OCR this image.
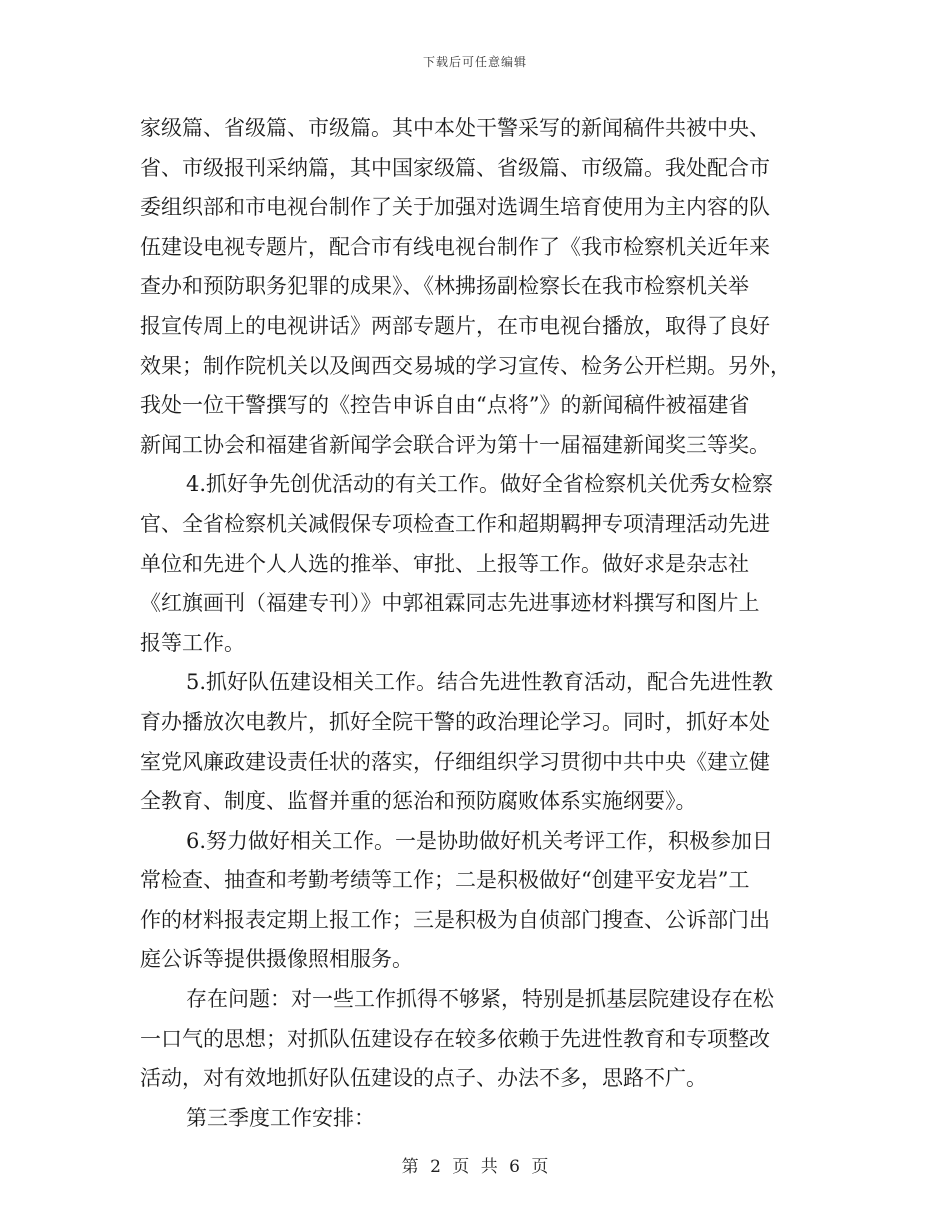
下载后可任意编辑
家级篇、省级篇、市级篇。其中本处干警采写的新闻稿件共被中央、
省、市级报刊采纳篇，其中国家级篇、省级篇、市级篇。我处配合市
委组织部和市电视台制作了关于加强对选调生培育使用为主内容的队
伍建设电视专题片，配合市有线电视台制作了《我市检察机关近年来
查办和预防职务犯罪的成果》、《林拂扬副检察长在我市检察机关举
报宣传周上的电视讲话》两部专题片，在市电视台播放，取得了良好
效果；制作院机关以及闽西交易城的学习宣传、检务公开栏期。另外，
我处一位干警撰写的《控告申诉自由“点将”》的新闻稿件被福建省
新闻工协会和福建省新闻学会联合评为第十一届福建新闻奖三等奖。
4.抓好争先创优活动的有关工作。做好全省检察机关优秀女检察
官、全省检察机关减假保专项检查工作和超期羁押专项清理活动先进
单位和先进个人人选的推举、审批、上报等工作。做好求是杂志社
《红旗画刊（福建专刊）》中郭祖霖同志先进事迹材料撰写和图片上
报等工作。
5.抓好队伍建设相关工作。结合先进性教育活动，配合先进性教
育办播放次电教片，抓好全院干警的政治理论学习。同时，抓好本处
室党风廉政建设责任状的落实，仔细组织学习贯彻中共中央《建立健
全教育、制度、监督并重的惩治和预防腐败体系实施纲要》。
6.努力做好相关工作。一是协助做好机关考评工作，积极参加日
常检查、抽查和考勤考绩等工作；二是积极做好“创建平安龙岩”工
作的材料报表定期上报工作；三是积极为自侦部门搜查、公诉部门出
庭公诉等提供摄像照相服务。
存在问题：对一些工作抓得不够紧，特别是抓基层院建设存在松
一口气的思想；对抓队伍建设存在较多依赖于先进性教育和专项整改
活动，对有效地抓好队伍建设的点子、办法不多，思路不广。
第三季度工作安排：
第 2 页 共 6 页
